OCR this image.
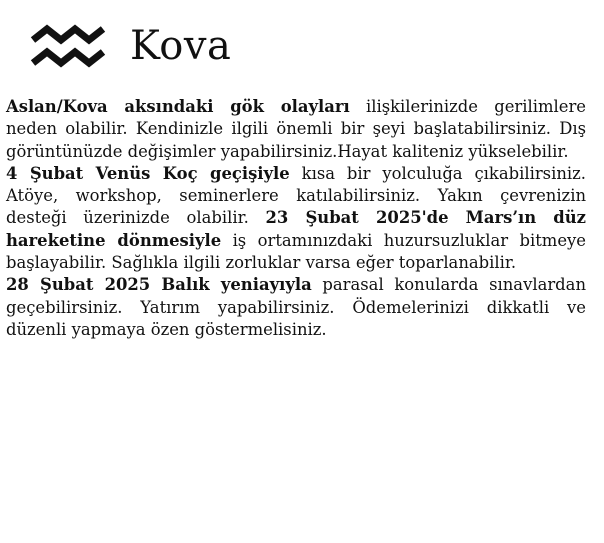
Kova

Aslan/Kova aksındaki gök olayları ilişkilerinizde gerilimlere neden olabilir. Kendinizle ilgili önemli bir şeyi başlatabilirsiniz. Dış görüntünüzde değişimler yapabilirsiniz.Hayat kaliteniz yükselebilir.

4 Şubat Venüs Koç geçişiyle kısa bir yolculuğa çıkabilirsiniz. Atöye, workshop, seminerlere katılabilirsiniz. Yakın çevrenizin desteği üzerinizde olabilir. 23 Şubat 2025'de Mars’ın düz hareketine dönmesiyle iş ortamınızdaki huzursuzluklar bitmeye başlayabilir. Sağlıkla ilgili zorluklar varsa eğer toparlanabilir.

28 Şubat 2025 Balık yeniayıyla parasal konularda sınavlardan geçebilirsiniz. Yatırım yapabilirsiniz. Ödemelerinizi dikkatli ve düzenli yapmaya özen göstermelisiniz.
